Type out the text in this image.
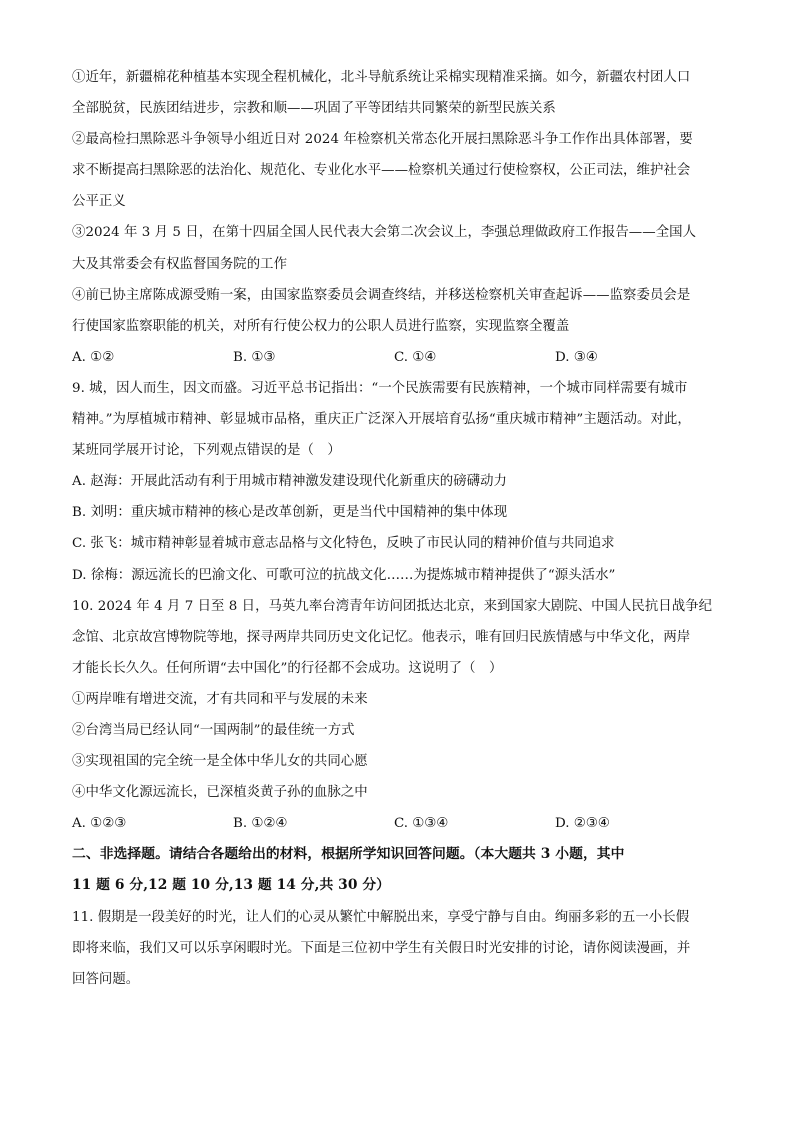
①近年，新疆棉花种植基本实现全程机械化，北斗导航系统让采棉实现精准采摘。如今，新疆农村团人口
全部脱贫，民族团结进步，宗教和顺——巩固了平等团结共同繁荣的新型民族关系
②最高检扫黑除恶斗争领导小组近日对 2024 年检察机关常态化开展扫黑除恶斗争工作作出具体部署，要
求不断提高扫黑除恶的法治化、规范化、专业化水平——检察机关通过行使检察权，公正司法，维护社会
公平正义
③2024 年 3 月 5 日，在第十四届全国人民代表大会第二次会议上，李强总理做政府工作报告——全国人
大及其常委会有权监督国务院的工作
④前已协主席陈成源受贿一案，由国家监察委员会调查终结，并移送检察机关审查起诉——监察委员会是
行使国家监察职能的机关，对所有行使公权力的公职人员进行监察，实现监察全覆盖
A. ①②	B. ①③	C. ①④	D. ③④
9. 城，因人而生，因文而盛。习近平总书记指出：“一个民族需要有民族精神，一个城市同样需要有城市
精神。”为厚植城市精神、彰显城市品格，重庆正广泛深入开展培育弘扬“重庆城市精神”主题活动。对此，
某班同学展开讨论，下列观点错误的是（　）
A. 赵海：开展此活动有利于用城市精神激发建设现代化新重庆的磅礴动力
B. 刘明：重庆城市精神的核心是改革创新，更是当代中国精神的集中体现
C. 张飞：城市精神彰显着城市意志品格与文化特色，反映了市民认同的精神价值与共同追求
D. 徐梅：源远流长的巴渝文化、可歌可泣的抗战文化……为提炼城市精神提供了“源头活水”
10. 2024 年 4 月 7 日至 8 日，马英九率台湾青年访问团抵达北京，来到国家大剧院、中国人民抗日战争纪
念馆、北京故宫博物院等地，探寻两岸共同历史文化记忆。他表示，唯有回归民族情感与中华文化，两岸
才能长长久久。任何所谓“去中国化”的行径都不会成功。这说明了（　）
①两岸唯有增进交流，才有共同和平与发展的未来
②台湾当局已经认同“一国两制”的最佳统一方式
③实现祖国的完全统一是全体中华儿女的共同心愿
④中华文化源远流长，已深植炎黄子孙的血脉之中
A. ①②③	B. ①②④	C. ①③④	D. ②③④
二、非选择题。请结合各题给出的材料，根据所学知识回答问题。（本大题共 3 小题，其中
11 题 6 分,12 题 10 分,13 题 14 分,共 30 分）
11. 假期是一段美好的时光，让人们的心灵从繁忙中解脱出来，享受宁静与自由。绚丽多彩的五一小长假
即将来临，我们又可以乐享闲暇时光。下面是三位初中学生有关假日时光安排的讨论，请你阅读漫画，并
回答问题。
